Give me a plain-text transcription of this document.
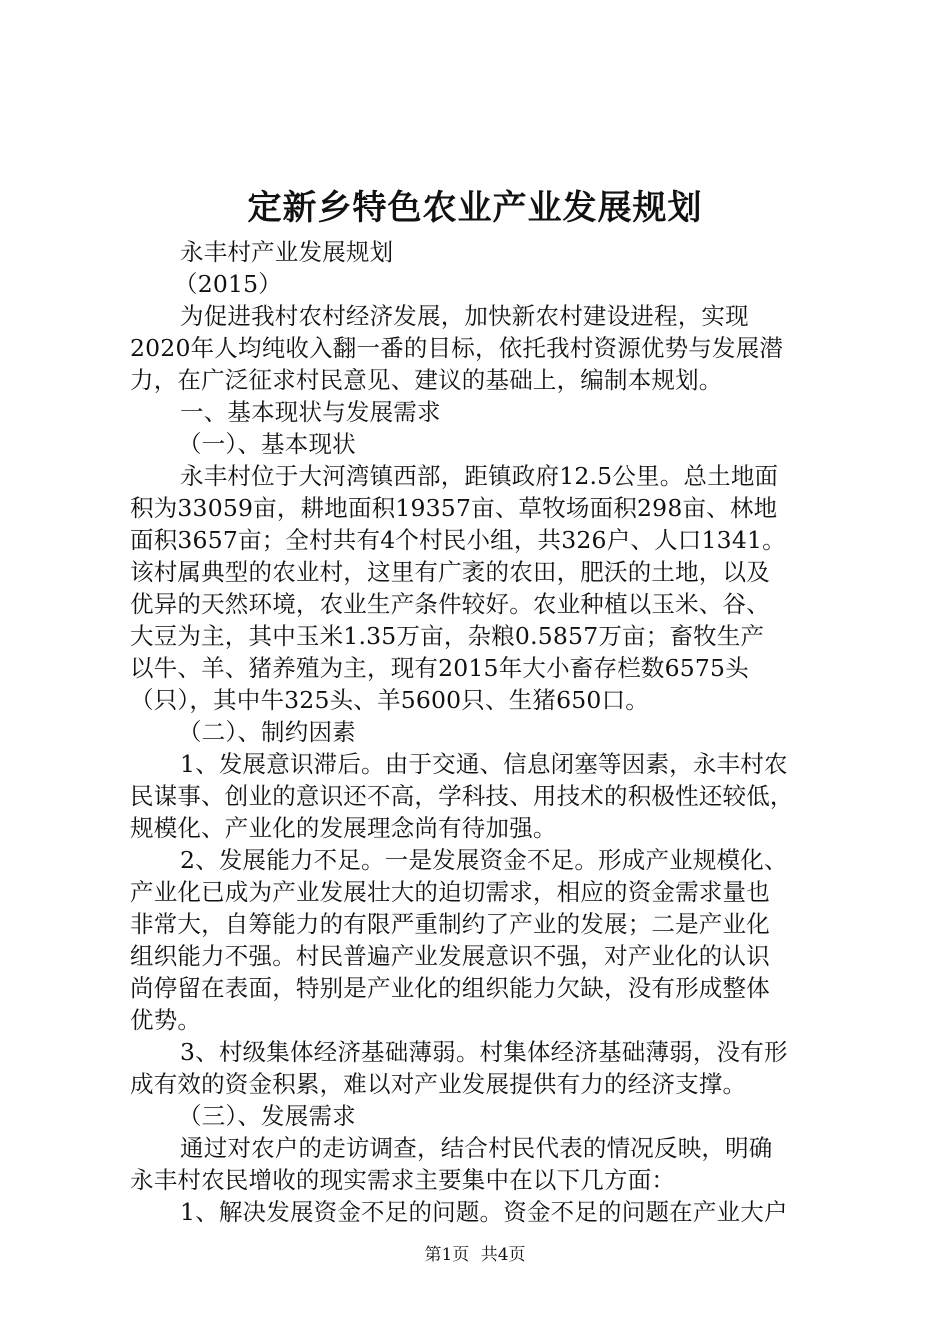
定新乡特色农业产业发展规划
永丰村产业发展规划
（2015）
为促进我村农村经济发展，加快新农村建设进程，实现
2020年人均纯收入翻一番的目标，依托我村资源优势与发展潜
力，在广泛征求村民意见、建议的基础上，编制本规划。
一、基本现状与发展需求
（一）、基本现状
永丰村位于大河湾镇西部，距镇政府12.5公里。总土地面
积为33059亩，耕地面积19357亩、草牧场面积298亩、林地
面积3657亩；全村共有4个村民小组，共326户、人口1341。
该村属典型的农业村，这里有广袤的农田，肥沃的土地，以及
优异的天然环境，农业生产条件较好。农业种植以玉米、谷、
大豆为主，其中玉米1.35万亩，杂粮0.5857万亩；畜牧生产
以牛、羊、猪养殖为主，现有2015年大小畜存栏数6575头
（只），其中牛325头、羊5600只、生猪650口。
（二）、制约因素
1、发展意识滞后。由于交通、信息闭塞等因素，永丰村农
民谋事、创业的意识还不高，学科技、用技术的积极性还较低，
规模化、产业化的发展理念尚有待加强。
2、发展能力不足。一是发展资金不足。形成产业规模化、
产业化已成为产业发展壮大的迫切需求，相应的资金需求量也
非常大，自筹能力的有限严重制约了产业的发展；二是产业化
组织能力不强。村民普遍产业发展意识不强，对产业化的认识
尚停留在表面，特别是产业化的组织能力欠缺，没有形成整体
优势。
3、村级集体经济基础薄弱。村集体经济基础薄弱，没有形
成有效的资金积累，难以对产业发展提供有力的经济支撑。
（三）、发展需求
通过对农户的走访调查，结合村民代表的情况反映，明确
永丰村农民增收的现实需求主要集中在以下几方面：
1、解决发展资金不足的问题。资金不足的问题在产业大户
第1页 共4页
